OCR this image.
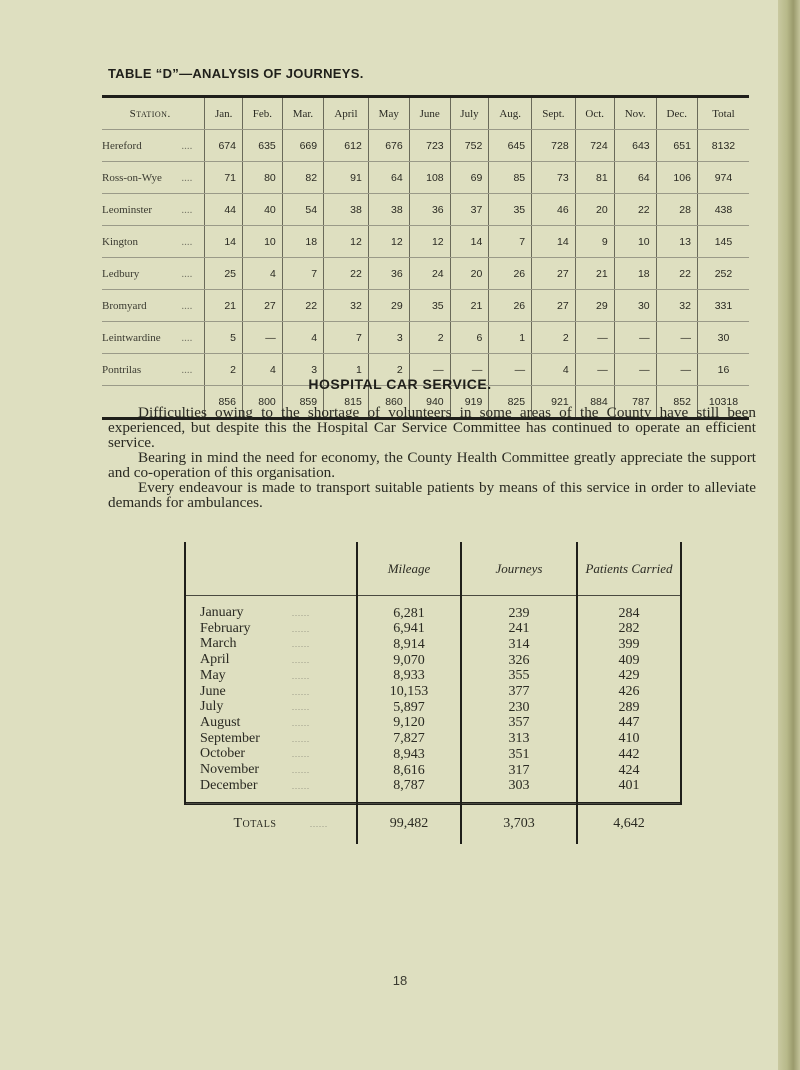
TABLE “D”—ANALYSIS OF JOURNEYS.
Station.	Jan.	Feb.	Mar.	April	May	June	July	Aug.	Sept.	Oct.	Nov.	Dec.	Total

....
Hereford	674	635	669	612	676	723	752	645	728	724	643	651	8132

....
Ross-on-Wye	71	80	82	91	64	108	69	85	73	81	64	106	974

....
Leominster	44	40	54	38	38	36	37	35	46	20	22	28	438

....
Kington	14	10	18	12	12	12	14	7	14	9	10	13	145

....
Ledbury	25	4	7	22	36	24	20	26	27	21	18	22	252

....
Bromyard	21	27	22	32	29	35	21	26	27	29	30	32	331

....
Leintwardine	5	—	4	7	3	2	6	1	2	—	—	—	30

....
Pontrilas	2	4	3	1	2	—	—	—	4	—	—	—	16
	856	800	859	815	860	940	919	825	921	884	787	852	10318
HOSPITAL CAR SERVICE.

Difficulties owing to the shortage of volunteers in some areas of the County have still been experienced, but despite this the Hospital Car Service Committee has continued to operate an efficient service.

Bearing in mind the need for economy, the County Health Committee greatly appreciate the support and co-operation of this organisation.

Every endeavour is made to transport suitable patients by means of this service in order to alleviate demands for ambulances.

	Mileage	Journeys	Patients Carried
January ......	6,281	239	284
February ......	6,941	241	282
March ......	8,914	314	399
April ......	9,070	326	409
May ......	8,933	355	429
June ......	10,153	377	426
July ......	5,897	230	289
August ......	9,120	357	447
September ......	7,827	313	410
October ......	8,943	351	442
November ......	8,616	317	424
December ......	8,787	303	401
Totals ......	99,482	3,703	4,642
18
